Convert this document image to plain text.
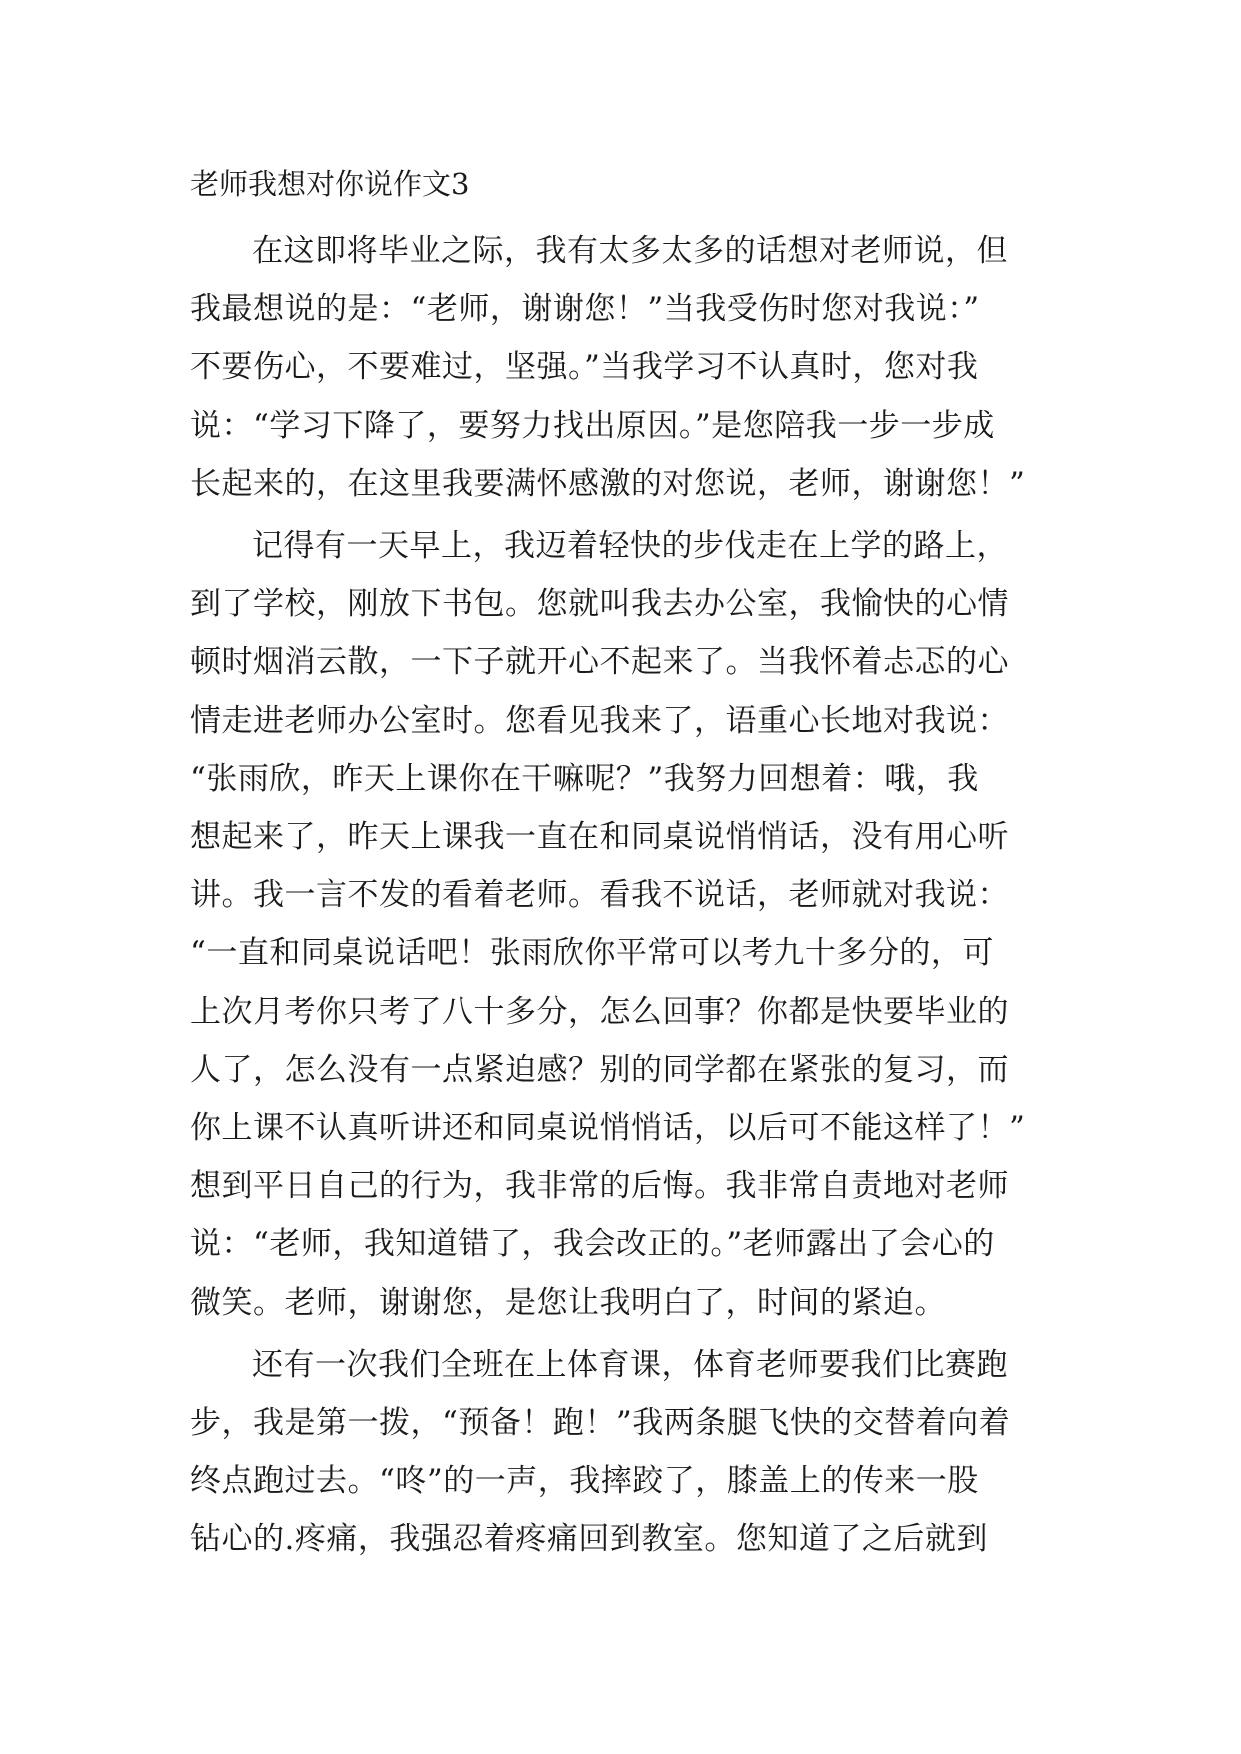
老师我想对你说作文3
在这即将毕业之际，我有太多太多的话想对老师说，但
我最想说的是：“老师，谢谢您！”当我受伤时您对我说：”
不要伤心，不要难过，坚强。”当我学习不认真时，您对我
说：“学习下降了，要努力找出原因。”是您陪我一步一步成
长起来的，在这里我要满怀感激的对您说，老师，谢谢您！”
记得有一天早上，我迈着轻快的步伐走在上学的路上，
到了学校，刚放下书包。您就叫我去办公室，我愉快的心情
顿时烟消云散，一下子就开心不起来了。当我怀着忐忑的心
情走进老师办公室时。您看见我来了，语重心长地对我说：
“张雨欣，昨天上课你在干嘛呢？”我努力回想着：哦，我
想起来了，昨天上课我一直在和同桌说悄悄话，没有用心听
讲。我一言不发的看着老师。看我不说话，老师就对我说：
“一直和同桌说话吧！张雨欣你平常可以考九十多分的，可
上次月考你只考了八十多分，怎么回事？你都是快要毕业的
人了，怎么没有一点紧迫感？别的同学都在紧张的复习，而
你上课不认真听讲还和同桌说悄悄话，以后可不能这样了！”
想到平日自己的行为，我非常的后悔。我非常自责地对老师
说：“老师，我知道错了，我会改正的。”老师露出了会心的
微笑。老师，谢谢您，是您让我明白了，时间的紧迫。
还有一次我们全班在上体育课，体育老师要我们比赛跑
步，我是第一拨，“预备！跑！”我两条腿飞快的交替着向着
终点跑过去。“咚”的一声，我摔跤了，膝盖上的传来一股
钻心的.疼痛，我强忍着疼痛回到教室。您知道了之后就到
